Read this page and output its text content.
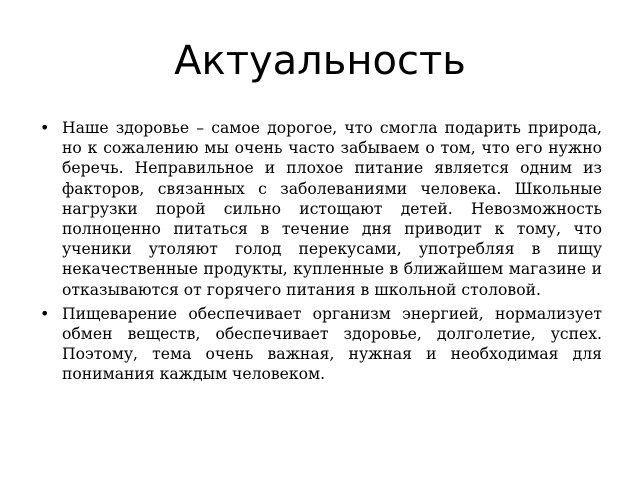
Актуальность
• Наше здоровье – самое дорогое, что смогла подарить природа, но к сожалению мы очень часто забываем о том, что его нужно беречь. Неправильное и плохое питание является одним из факторов, связанных с заболеваниями человека. Школьные нагрузки порой сильно истощают детей. Невозможность полноценно питаться в течение дня приводит к тому, что ученики утоляют голод перекусами, употребляя в пищу некачественные продукты, купленные в ближайшем магазине и отказываются от горячего питания в школьной столовой.
• Пищеварение обеспечивает организм энергией, нормализует обмен веществ, обеспечивает здоровье, долголетие, успех. Поэтому, тема очень важная, нужная и необходимая для понимания каждым человеком.
